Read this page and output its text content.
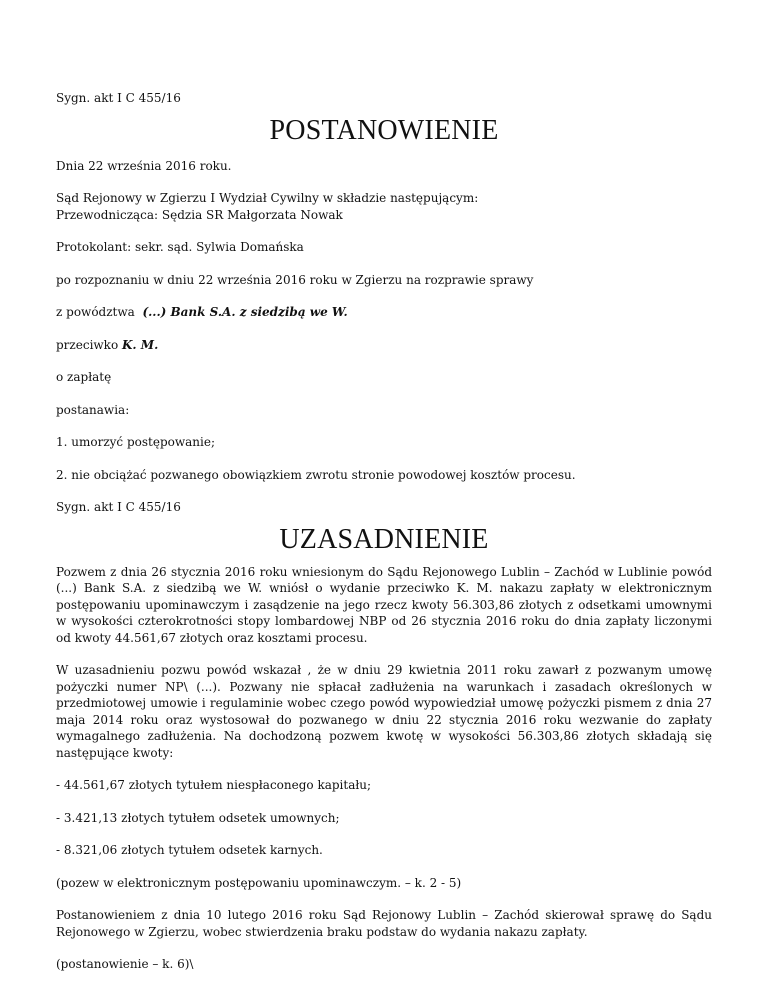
Sygn. akt I C 455/16

POSTANOWIENIE

Dnia 22 września 2016 roku.

Sąd Rejonowy w Zgierzu I Wydział Cywilny w składzie następującym:
Przewodnicząca: Sędzia SR Małgorzata Nowak

Protokolant: sekr. sąd. Sylwia Domańska

po rozpoznaniu w dniu 22 września 2016 roku w Zgierzu na rozprawie sprawy

z powództwa (...) Bank S.A. z siedzibą we W.

przeciwko K. M.

o zapłatę

postanawia:

1. umorzyć postępowanie;

2. nie obciążać pozwanego obowiązkiem zwrotu stronie powodowej kosztów procesu.

Sygn. akt I C 455/16

UZASADNIENIE

Pozwem z dnia 26 stycznia 2016 roku wniesionym do Sądu Rejonowego Lublin – Zachód w Lublinie powód (...) Bank S.A. z siedzibą we W. wniósł o wydanie przeciwko K. M. nakazu zapłaty w elektronicznym postępowaniu upominawczym i zasądzenie na jego rzecz kwoty 56.303,86 złotych z odsetkami umownymi w wysokości czterokrotności stopy lombardowej NBP od 26 stycznia 2016 roku do dnia zapłaty liczonymi od kwoty 44.561,67 złotych oraz kosztami procesu.

W uzasadnieniu pozwu powód wskazał , że w dniu 29 kwietnia 2011 roku zawarł z pozwanym umowę pożyczki numer NP\ (...). Pozwany nie spłacał zadłużenia na warunkach i zasadach określonych w przedmiotowej umowie i regulaminie wobec czego powód wypowiedział umowę pożyczki pismem z dnia 27 maja 2014 roku oraz wystosował do pozwanego w dniu 22 stycznia 2016 roku wezwanie do zapłaty wymagalnego zadłużenia. Na dochodzoną pozwem kwotę w wysokości 56.303,86 złotych składają się następujące kwoty:

- 44.561,67 złotych tytułem niespłaconego kapitału;

- 3.421,13 złotych tytułem odsetek umownych;

- 8.321,06 złotych tytułem odsetek karnych.

(pozew w elektronicznym postępowaniu upominawczym. – k. 2 - 5)

Postanowieniem z dnia 10 lutego 2016 roku Sąd Rejonowy Lublin – Zachód skierował sprawę do Sądu Rejonowego w Zgierzu, wobec stwierdzenia braku podstaw do wydania nakazu zapłaty.

(postanowienie – k. 6)\
